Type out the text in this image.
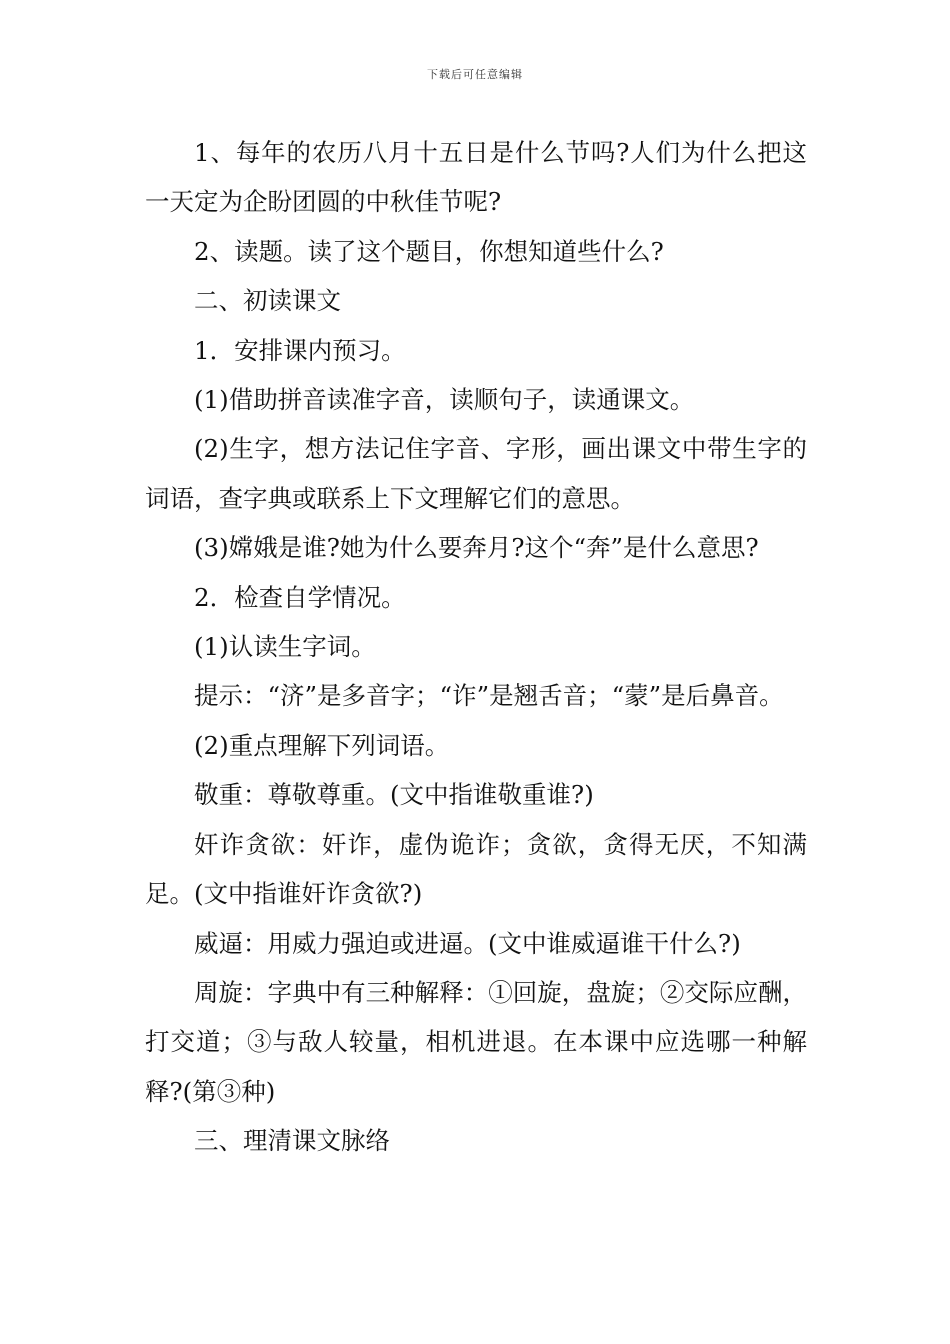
下载后可任意编辑

1、每年的农历八月十五日是什么节吗?人们为什么把这一天定为企盼团圆的中秋佳节呢?

2、读题。读了这个题目，你想知道些什么?

二、初读课文

1．安排课内预习。

(1)借助拼音读准字音，读顺句子，读通课文。

(2)生字，想方法记住字音、字形，画出课文中带生字的词语，查字典或联系上下文理解它们的意思。

(3)嫦娥是谁?她为什么要奔月?这个“奔”是什么意思?

2．检查自学情况。

(1)认读生字词。

提示：“济”是多音字；“诈”是翘舌音；“蒙”是后鼻音。

(2)重点理解下列词语。

敬重：尊敬尊重。(文中指谁敬重谁?)

奸诈贪欲：奸诈，虚伪诡诈；贪欲，贪得无厌，不知满足。(文中指谁奸诈贪欲?)

威逼：用威力强迫或进逼。(文中谁威逼谁干什么?)

周旋：字典中有三种解释：①回旋，盘旋；②交际应酬，打交道；③与敌人较量，相机进退。在本课中应选哪一种解释?(第③种)

三、理清课文脉络
